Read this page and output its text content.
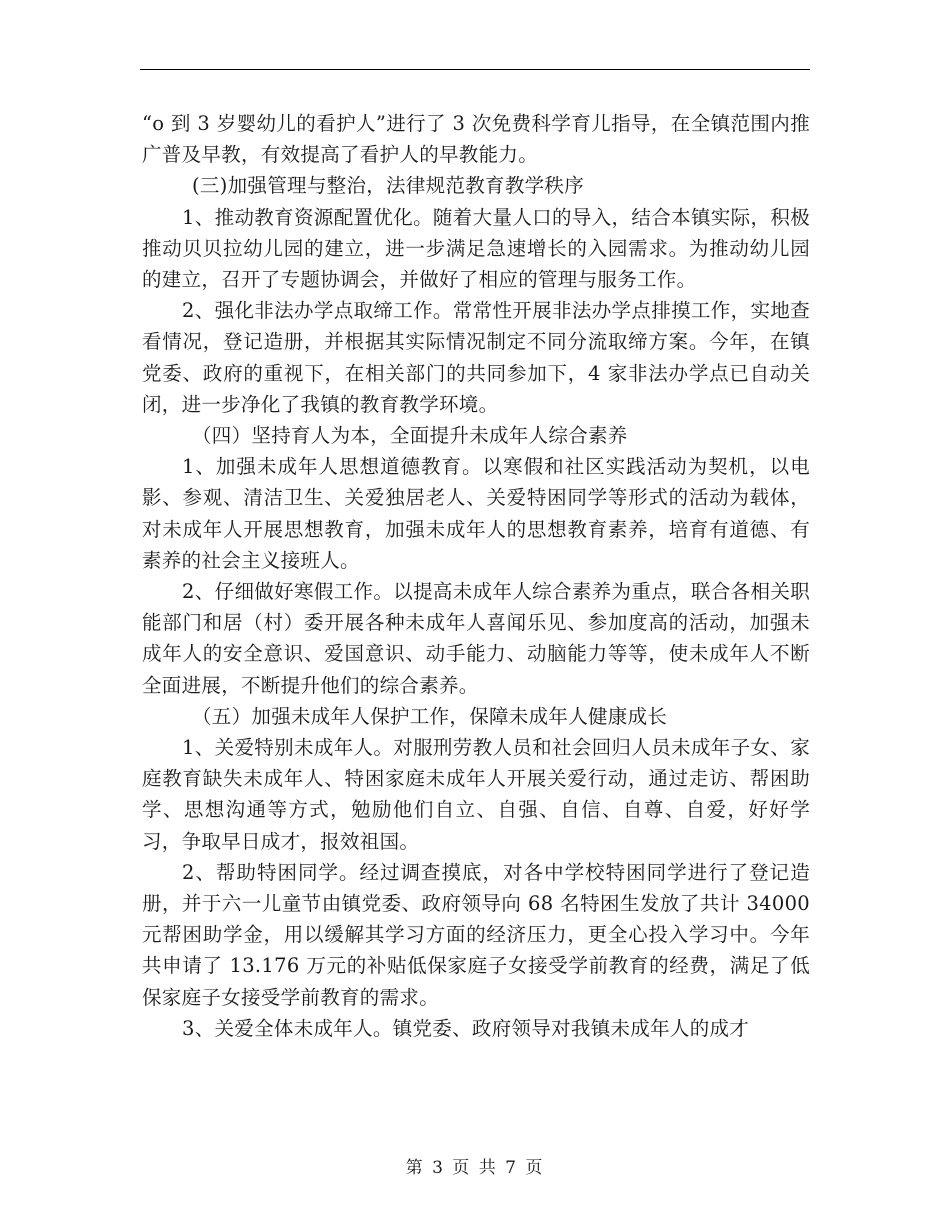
“o 到 3 岁婴幼儿的看护人”进行了 3 次免费科学育儿指导，在全镇范围内推广普及早教，有效提高了看护人的早教能力。

(三)加强管理与整治，法律规范教育教学秩序

1、推动教育资源配置优化。随着大量人口的导入，结合本镇实际，积极推动贝贝拉幼儿园的建立，进一步满足急速增长的入园需求。为推动幼儿园的建立，召开了专题协调会，并做好了相应的管理与服务工作。

2、强化非法办学点取缔工作。常常性开展非法办学点排摸工作，实地查看情况，登记造册，并根据其实际情况制定不同分流取缔方案。今年，在镇党委、政府的重视下，在相关部门的共同参加下，4 家非法办学点已自动关闭，进一步净化了我镇的教育教学环境。

（四）坚持育人为本，全面提升未成年人综合素养

1、加强未成年人思想道德教育。以寒假和社区实践活动为契机，以电影、参观、清洁卫生、关爱独居老人、关爱特困同学等形式的活动为载体，对未成年人开展思想教育，加强未成年人的思想教育素养，培育有道德、有素养的社会主义接班人。

2、仔细做好寒假工作。以提高未成年人综合素养为重点，联合各相关职能部门和居（村）委开展各种未成年人喜闻乐见、参加度高的活动，加强未成年人的安全意识、爱国意识、动手能力、动脑能力等等，使未成年人不断全面进展，不断提升他们的综合素养。

（五）加强未成年人保护工作，保障未成年人健康成长

1、关爱特别未成年人。对服刑劳教人员和社会回归人员未成年子女、家庭教育缺失未成年人、特困家庭未成年人开展关爱行动，通过走访、帮困助学、思想沟通等方式，勉励他们自立、自强、自信、自尊、自爱，好好学习，争取早日成才，报效祖国。

2、帮助特困同学。经过调查摸底，对各中学校特困同学进行了登记造册，并于六一儿童节由镇党委、政府领导向 68 名特困生发放了共计 34000 元帮困助学金，用以缓解其学习方面的经济压力，更全心投入学习中。今年共申请了 13.176 万元的补贴低保家庭子女接受学前教育的经费，满足了低保家庭子女接受学前教育的需求。

3、关爱全体未成年人。镇党委、政府领导对我镇未成年人的成才

第 3 页 共 7 页
